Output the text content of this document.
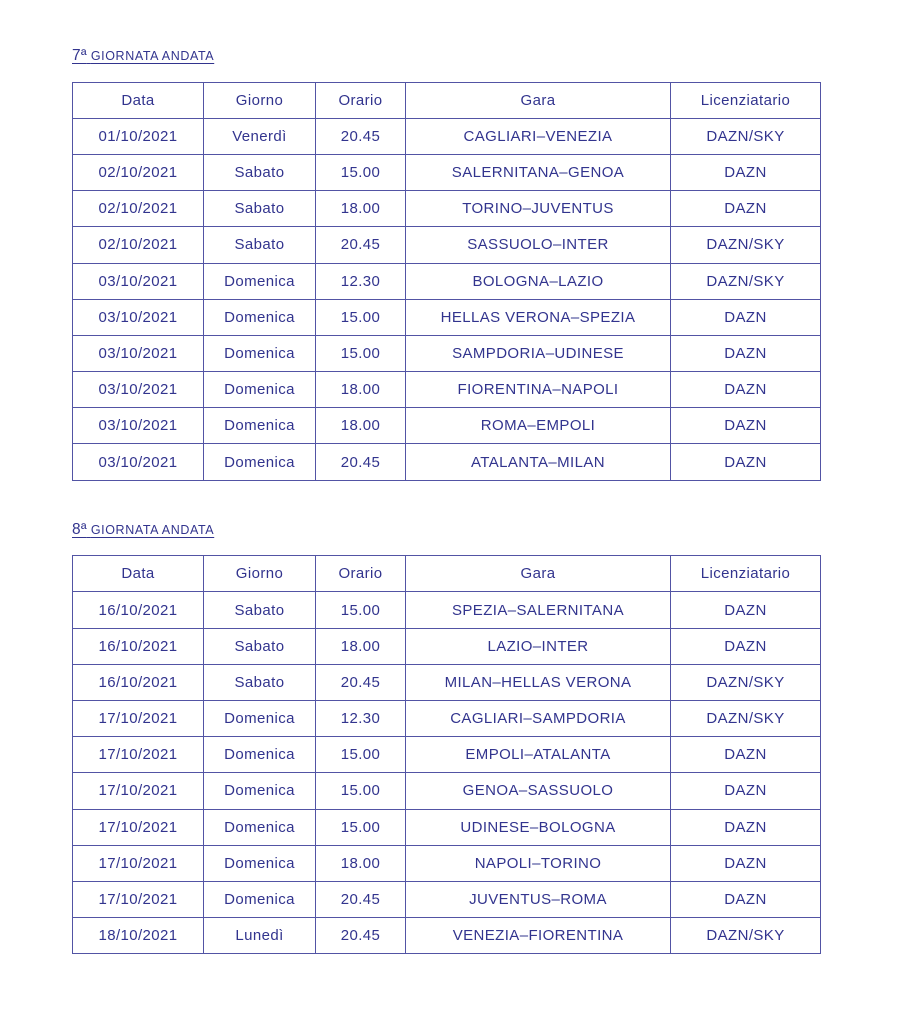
7ª GIORNATA ANDATA
Data	Giorno	Orario	Gara	Licenziatario
01/10/2021	Venerdì	20.45	CAGLIARI–VENEZIA	DAZN/SKY
02/10/2021	Sabato	15.00	SALERNITANA–GENOA	DAZN
02/10/2021	Sabato	18.00	TORINO–JUVENTUS	DAZN
02/10/2021	Sabato	20.45	SASSUOLO–INTER	DAZN/SKY
03/10/2021	Domenica	12.30	BOLOGNA–LAZIO	DAZN/SKY
03/10/2021	Domenica	15.00	HELLAS VERONA–SPEZIA	DAZN
03/10/2021	Domenica	15.00	SAMPDORIA–UDINESE	DAZN
03/10/2021	Domenica	18.00	FIORENTINA–NAPOLI	DAZN
03/10/2021	Domenica	18.00	ROMA–EMPOLI	DAZN
03/10/2021	Domenica	20.45	ATALANTA–MILAN	DAZN
8ª GIORNATA ANDATA
Data	Giorno	Orario	Gara	Licenziatario
16/10/2021	Sabato	15.00	SPEZIA–SALERNITANA	DAZN
16/10/2021	Sabato	18.00	LAZIO–INTER	DAZN
16/10/2021	Sabato	20.45	MILAN–HELLAS VERONA	DAZN/SKY
17/10/2021	Domenica	12.30	CAGLIARI–SAMPDORIA	DAZN/SKY
17/10/2021	Domenica	15.00	EMPOLI–ATALANTA	DAZN
17/10/2021	Domenica	15.00	GENOA–SASSUOLO	DAZN
17/10/2021	Domenica	15.00	UDINESE–BOLOGNA	DAZN
17/10/2021	Domenica	18.00	NAPOLI–TORINO	DAZN
17/10/2021	Domenica	20.45	JUVENTUS–ROMA	DAZN
18/10/2021	Lunedì	20.45	VENEZIA–FIORENTINA	DAZN/SKY
